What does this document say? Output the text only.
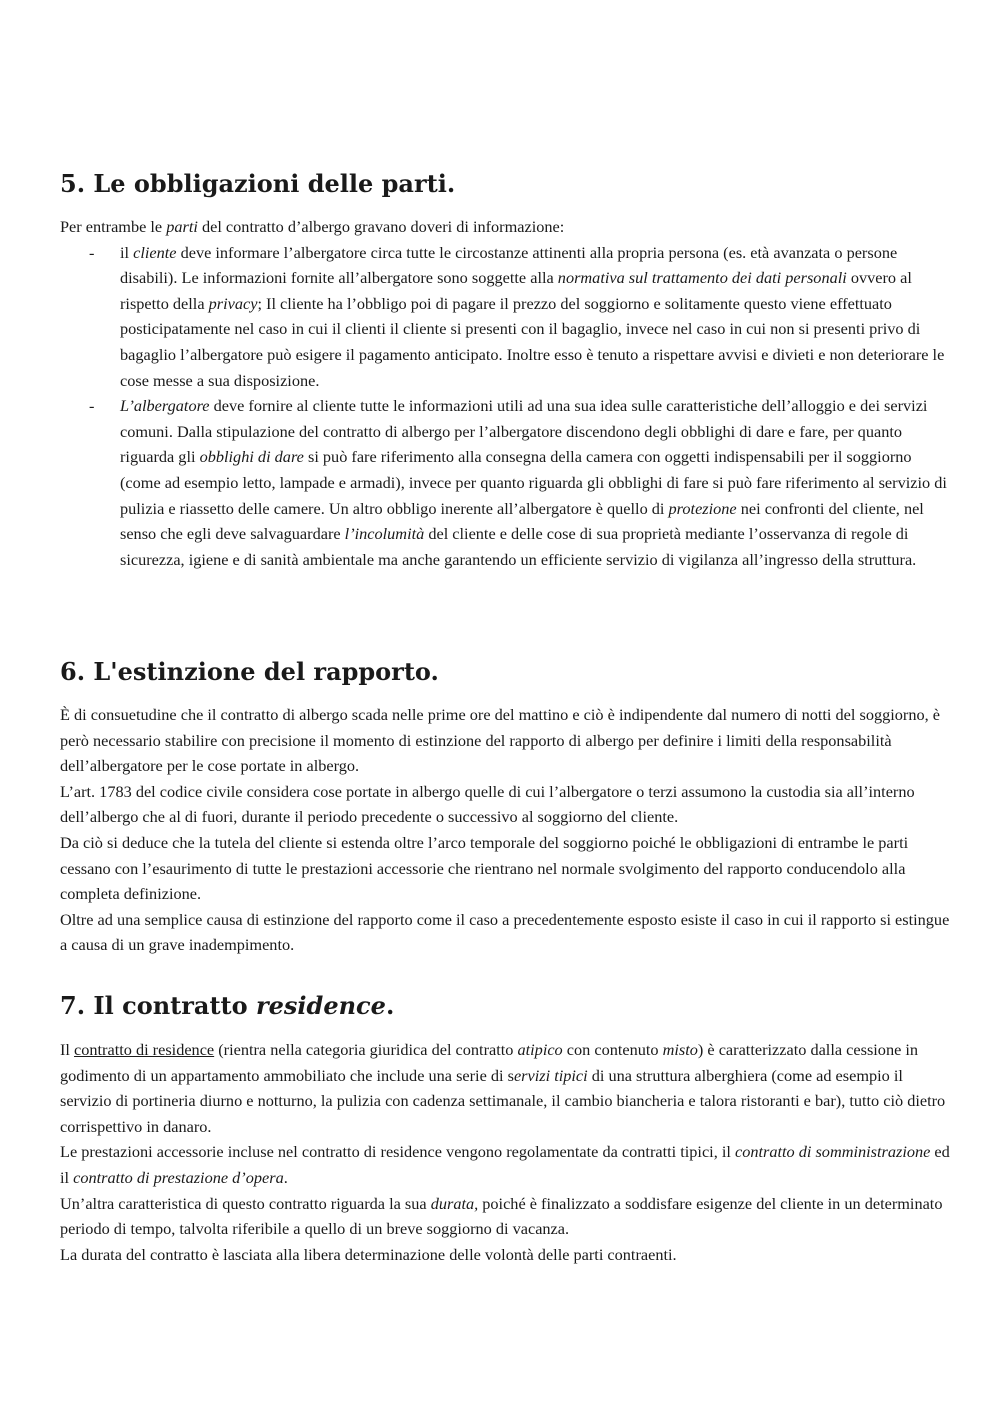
5. Le obbligazioni delle parti.

Per entrambe le parti del contratto d’albergo gravano doveri di informazione:

- il cliente deve informare l’albergatore circa tutte le circostanze attinenti alla propria persona (es. età avanzata o persone disabili). Le informazioni fornite all’albergatore sono soggette alla normativa sul trattamento dei dati personali ovvero al rispetto della privacy; Il cliente ha l’obbligo poi di pagare il prezzo del soggiorno e solitamente questo viene effettuato posticipatamente nel caso in cui il clienti il cliente si presenti con il bagaglio, invece nel caso in cui non si presenti privo di bagaglio l’albergatore può esigere il pagamento anticipato. Inoltre esso è tenuto a rispettare avvisi e divieti e non deteriorare le cose messe a sua disposizione.
- L’albergatore deve fornire al cliente tutte le informazioni utili ad una sua idea sulle caratteristiche dell’alloggio e dei servizi comuni. Dalla stipulazione del contratto di albergo per l’albergatore discendono degli obblighi di dare e fare, per quanto riguarda gli obblighi di dare si può fare riferimento alla consegna della camera con oggetti indispensabili per il soggiorno (come ad esempio letto, lampade e armadi), invece per quanto riguarda gli obblighi di fare si può fare riferimento al servizio di pulizia e riassetto delle camere. Un altro obbligo inerente all’albergatore è quello di protezione nei confronti del cliente, nel senso che egli deve salvaguardare l’incolumità del cliente e delle cose di sua proprietà mediante l’osservanza di regole di sicurezza, igiene e di sanità ambientale ma anche garantendo un efficiente servizio di vigilanza all’ingresso della struttura.
6. L'estinzione del rapporto.

È di consuetudine che il contratto di albergo scada nelle prime ore del mattino e ciò è indipendente dal numero di notti del soggiorno, è però necessario stabilire con precisione il momento di estinzione del rapporto di albergo per definire i limiti della responsabilità dell’albergatore per le cose portate in albergo.

L’art. 1783 del codice civile considera cose portate in albergo quelle di cui l’albergatore o terzi assumono la custodia sia all’interno dell’albergo che al di fuori, durante il periodo precedente o successivo al soggiorno del cliente.

Da ciò si deduce che la tutela del cliente si estenda oltre l’arco temporale del soggiorno poiché le obbligazioni di entrambe le parti cessano con l’esaurimento di tutte le prestazioni accessorie che rientrano nel normale svolgimento del rapporto conducendolo alla completa definizione.

Oltre ad una semplice causa di estinzione del rapporto come il caso a precedentemente esposto esiste il caso in cui il rapporto si estingue a causa di un grave inadempimento.

7. Il contratto residence.

Il contratto di residence (rientra nella categoria giuridica del contratto atipico con contenuto misto) è caratterizzato dalla cessione in godimento di un appartamento ammobiliato che include una serie di servizi tipici di una struttura alberghiera (come ad esempio il servizio di portineria diurno e notturno, la pulizia con cadenza settimanale, il cambio biancheria e talora ristoranti e bar), tutto ciò dietro corrispettivo in danaro.

Le prestazioni accessorie incluse nel contratto di residence vengono regolamentate da contratti tipici, il contratto di somministrazione ed il contratto di prestazione d’opera.

Un’altra caratteristica di questo contratto riguarda la sua durata, poiché è finalizzato a soddisfare esigenze del cliente in un determinato periodo di tempo, talvolta riferibile a quello di un breve soggiorno di vacanza.

La durata del contratto è lasciata alla libera determinazione delle volontà delle parti contraenti.
